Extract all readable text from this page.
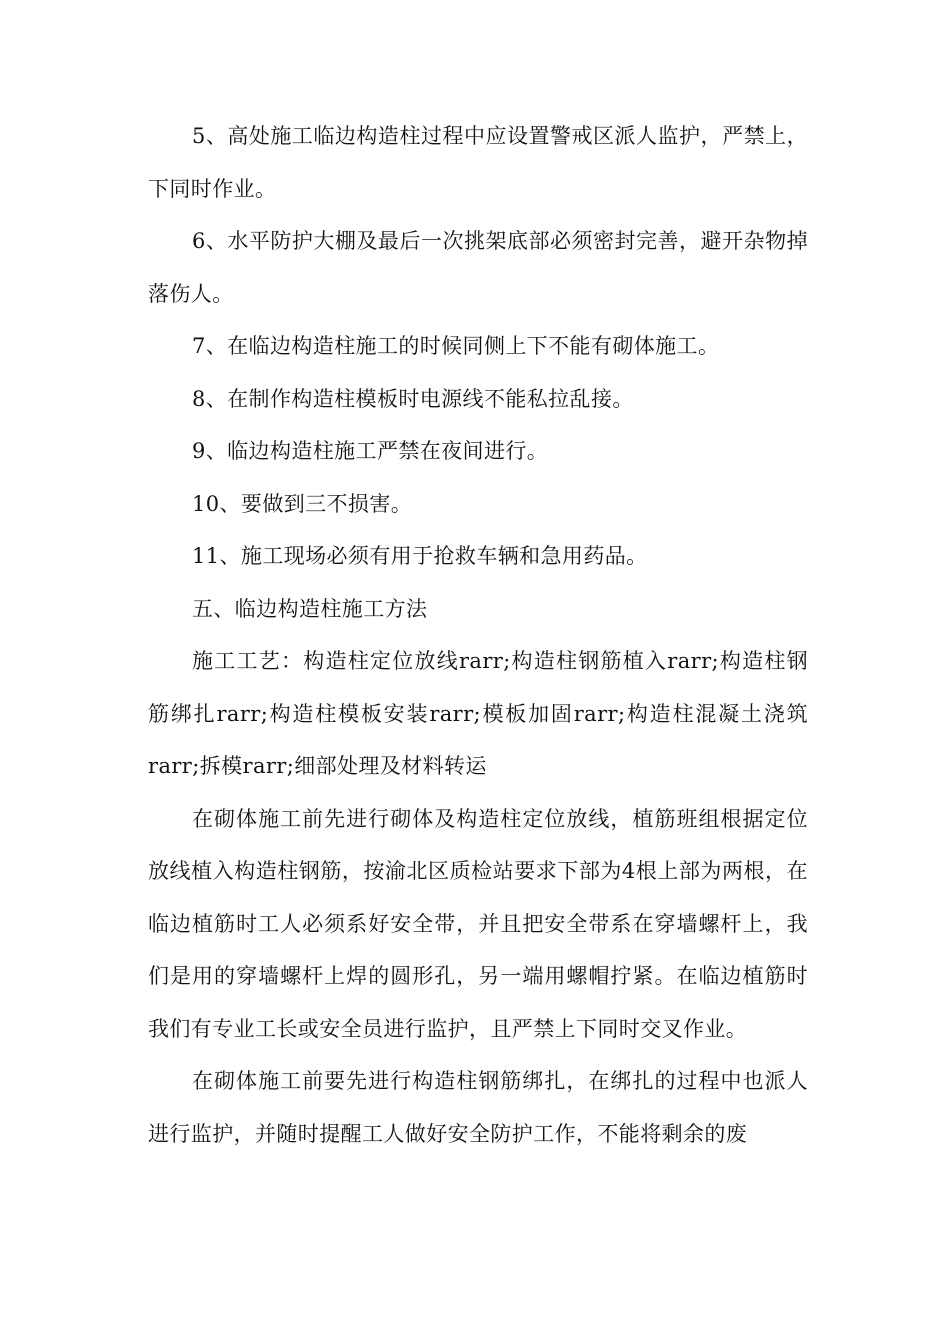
5、高处施工临边构造柱过程中应设置警戒区派人监护，严禁上，下同时作业。

6、水平防护大棚及最后一次挑架底部必须密封完善，避开杂物掉落伤人。

7、在临边构造柱施工的时候同侧上下不能有砌体施工。

8、在制作构造柱模板时电源线不能私拉乱接。

9、临边构造柱施工严禁在夜间进行。

10、要做到三不损害。

11、施工现场必须有用于抢救车辆和急用药品。

五、临边构造柱施工方法

施工工艺：构造柱定位放线rarr;构造柱钢筋植入rarr;构造柱钢筋绑扎rarr;构造柱模板安装rarr;模板加固rarr;构造柱混凝土浇筑rarr;拆模rarr;细部处理及材料转运

在砌体施工前先进行砌体及构造柱定位放线，植筋班组根据定位放线植入构造柱钢筋，按渝北区质检站要求下部为4根上部为两根，在临边植筋时工人必须系好安全带，并且把安全带系在穿墙螺杆上，我们是用的穿墙螺杆上焊的圆形孔，另一端用螺帽拧紧。在临边植筋时我们有专业工长或安全员进行监护，且严禁上下同时交叉作业。

在砌体施工前要先进行构造柱钢筋绑扎，在绑扎的过程中也派人进行监护，并随时提醒工人做好安全防护工作，不能将剩余的废
